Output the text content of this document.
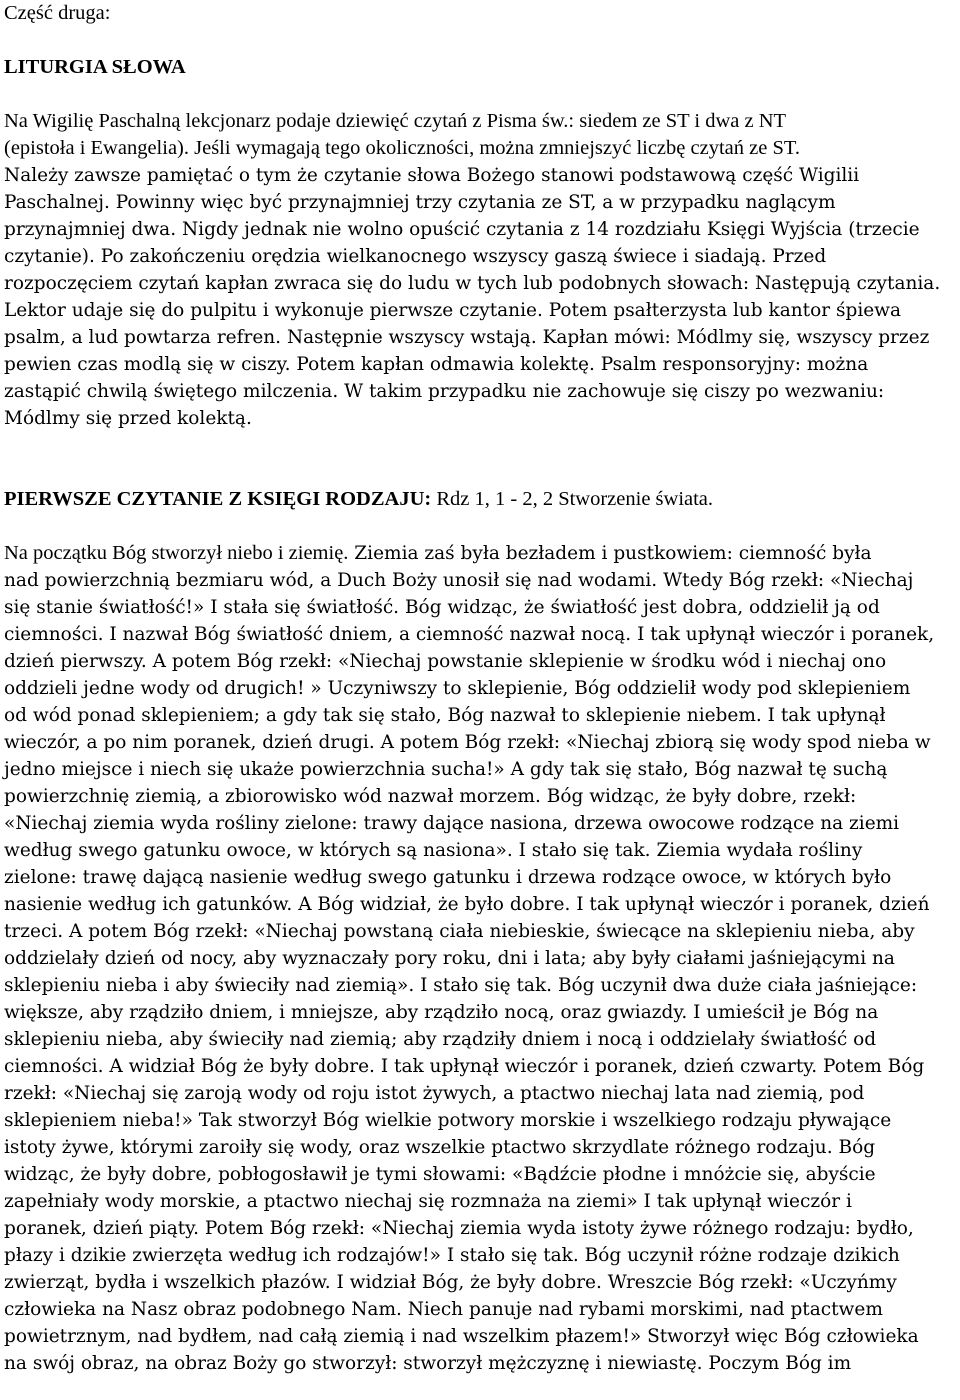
Część druga:
LITURGIA SŁOWA
Na Wigilię Paschalną lekcjonarz podaje dziewięć czytań z Pisma św.: siedem ze ST i dwa z NT
(epistoła i Ewangelia). Jeśli wymagają tego okoliczności, można zmniejszyć liczbę czytań ze ST.
Należy zawsze pamiętać o tym że czytanie słowa Bożego stanowi podstawową część Wigilii
Paschalnej. Powinny więc być przynajmniej trzy czytania ze ST, a w przypadku naglącym
przynajmniej dwa. Nigdy jednak nie wolno opuścić czytania z 14 rozdziału Księgi Wyjścia (trzecie
czytanie). Po zakończeniu orędzia wielkanocnego wszyscy gaszą świece i siadają. Przed
rozpoczęciem czytań kapłan zwraca się do ludu w tych lub podobnych słowach: Następują czytania.
Lektor udaje się do pulpitu i wykonuje pierwsze czytanie. Potem psałterzysta lub kantor śpiewa
psalm, a lud powtarza refren. Następnie wszyscy wstają. Kapłan mówi: Módlmy się, wszyscy przez
pewien czas modlą się w ciszy. Potem kapłan odmawia kolektę. Psalm responsoryjny: można
zastąpić chwilą świętego milczenia. W takim przypadku nie zachowuje się ciszy po wezwaniu:
Módlmy się przed kolektą.
PIERWSZE CZYTANIE Z KSIĘGI RODZAJU: Rdz 1, 1 - 2, 2 Stworzenie świata.
Na początku Bóg stworzył niebo i ziemię. Ziemia zaś była bezładem i pustkowiem: ciemność była
nad powierzchnią bezmiaru wód, a Duch Boży unosił się nad wodami. Wtedy Bóg rzekł: «Niechaj
się stanie światłość!» I stała się światłość. Bóg widząc, że światłość jest dobra, oddzielił ją od
ciemności. I nazwał Bóg światłość dniem, a ciemność nazwał nocą. I tak upłynął wieczór i poranek,
dzień pierwszy. A potem Bóg rzekł: «Niechaj powstanie sklepienie w środku wód i niechaj ono
oddzieli jedne wody od drugich! » Uczyniwszy to sklepienie, Bóg oddzielił wody pod sklepieniem
od wód ponad sklepieniem; a gdy tak się stało, Bóg nazwał to sklepienie niebem. I tak upłynął
wieczór, a po nim poranek, dzień drugi. A potem Bóg rzekł: «Niechaj zbiorą się wody spod nieba w
jedno miejsce i niech się ukaże powierzchnia sucha!» A gdy tak się stało, Bóg nazwał tę suchą
powierzchnię ziemią, a zbiorowisko wód nazwał morzem. Bóg widząc, że były dobre, rzekł:
«Niechaj ziemia wyda rośliny zielone: trawy dające nasiona, drzewa owocowe rodzące na ziemi
według swego gatunku owoce, w których są nasiona». I stało się tak. Ziemia wydała rośliny
zielone: trawę dającą nasienie według swego gatunku i drzewa rodzące owoce, w których było
nasienie według ich gatunków. A Bóg widział, że było dobre. I tak upłynął wieczór i poranek, dzień
trzeci. A potem Bóg rzekł: «Niechaj powstaną ciała niebieskie, świecące na sklepieniu nieba, aby
oddzielały dzień od nocy, aby wyznaczały pory roku, dni i lata; aby były ciałami jaśniejącymi na
sklepieniu nieba i aby świeciły nad ziemią». I stało się tak. Bóg uczynił dwa duże ciała jaśniejące:
większe, aby rządziło dniem, i mniejsze, aby rządziło nocą, oraz gwiazdy. I umieścił je Bóg na
sklepieniu nieba, aby świeciły nad ziemią; aby rządziły dniem i nocą i oddzielały światłość od
ciemności. A widział Bóg że były dobre. I tak upłynął wieczór i poranek, dzień czwarty. Potem Bóg
rzekł: «Niechaj się zaroją wody od roju istot żywych, a ptactwo niechaj lata nad ziemią, pod
sklepieniem nieba!» Tak stworzył Bóg wielkie potwory morskie i wszelkiego rodzaju pływające
istoty żywe, którymi zaroiły się wody, oraz wszelkie ptactwo skrzydlate różnego rodzaju. Bóg
widząc, że były dobre, pobłogosławił je tymi słowami: «Bądźcie płodne i mnóżcie się, abyście
zapełniały wody morskie, a ptactwo niechaj się rozmnaża na ziemi» I tak upłynął wieczór i
poranek, dzień piąty. Potem Bóg rzekł: «Niechaj ziemia wyda istoty żywe różnego rodzaju: bydło,
płazy i dzikie zwierzęta według ich rodzajów!» I stało się tak. Bóg uczynił różne rodzaje dzikich
zwierząt, bydła i wszelkich płazów. I widział Bóg, że były dobre. Wreszcie Bóg rzekł: «Uczyńmy
człowieka na Nasz obraz podobnego Nam. Niech panuje nad rybami morskimi, nad ptactwem
powietrznym, nad bydłem, nad całą ziemią i nad wszelkim płazem!» Stworzył więc Bóg człowieka
na swój obraz, na obraz Boży go stworzył: stworzył mężczyznę i niewiastę. Poczym Bóg im
